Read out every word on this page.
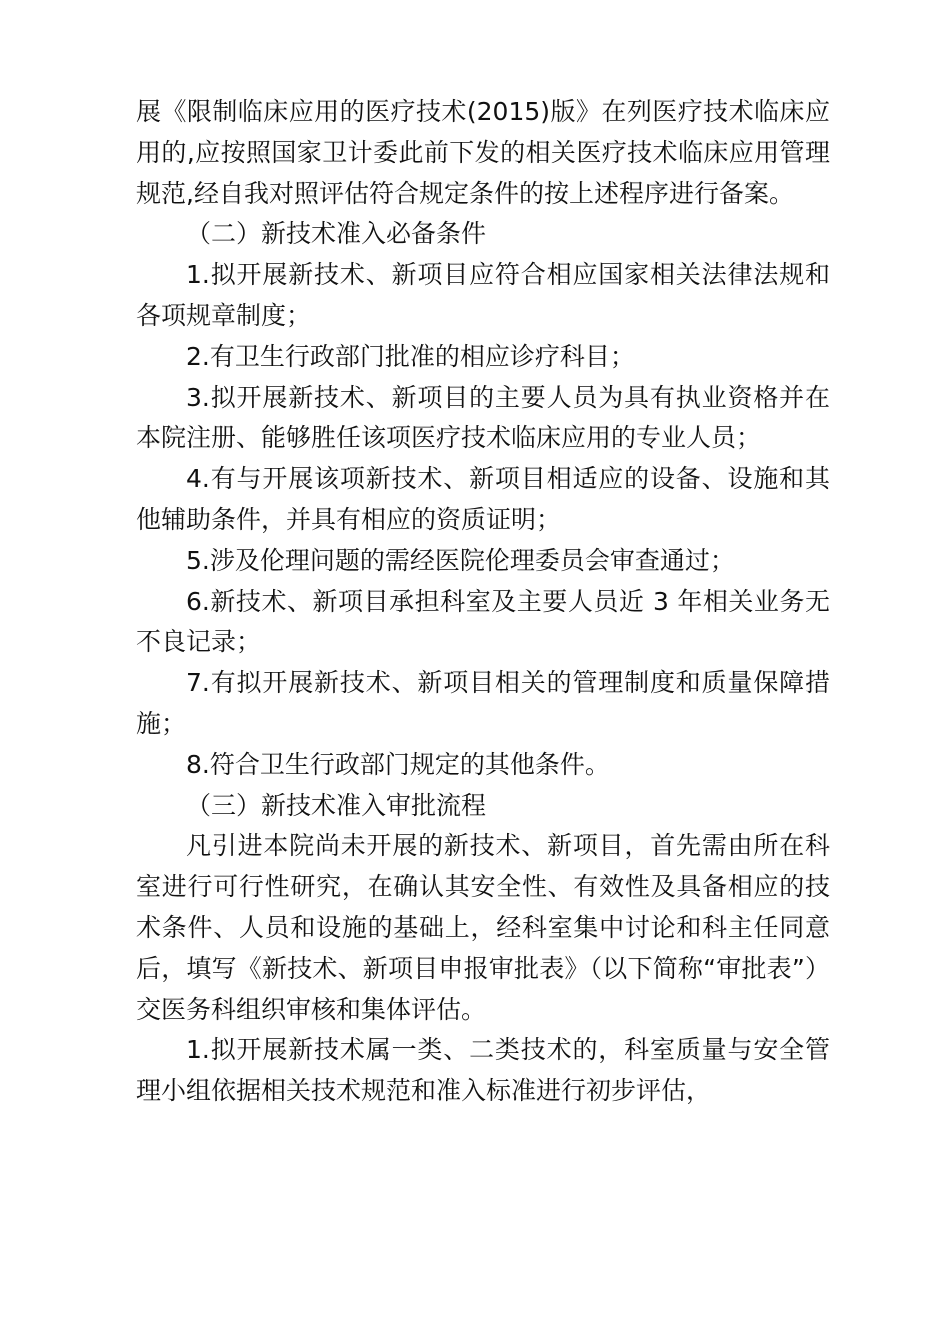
展《限制临床应用的医疗技术(2015)版》在列医疗技术临床应用的,应按照国家卫计委此前下发的相关医疗技术临床应用管理规范,经自我对照评估符合规定条件的按上述程序进行备案。

（二）新技术准入必备条件

1.拟开展新技术、新项目应符合相应国家相关法律法规和各项规章制度；

2.有卫生行政部门批准的相应诊疗科目；

3.拟开展新技术、新项目的主要人员为具有执业资格并在本院注册、能够胜任该项医疗技术临床应用的专业人员；

4.有与开展该项新技术、新项目相适应的设备、设施和其他辅助条件，并具有相应的资质证明；

5.涉及伦理问题的需经医院伦理委员会审查通过；

6.新技术、新项目承担科室及主要人员近 3 年相关业务无不良记录；

7.有拟开展新技术、新项目相关的管理制度和质量保障措施；

8.符合卫生行政部门规定的其他条件。

（三）新技术准入审批流程

凡引进本院尚未开展的新技术、新项目，首先需由所在科室进行可行性研究，在确认其安全性、有效性及具备相应的技术条件、人员和设施的基础上，经科室集中讨论和科主任同意后，填写《新技术、新项目申报审批表》（以下简称“审批表”）交医务科组织审核和集体评估。

1.拟开展新技术属一类、二类技术的，科室质量与安全管理小组依据相关技术规范和准入标准进行初步评估，
